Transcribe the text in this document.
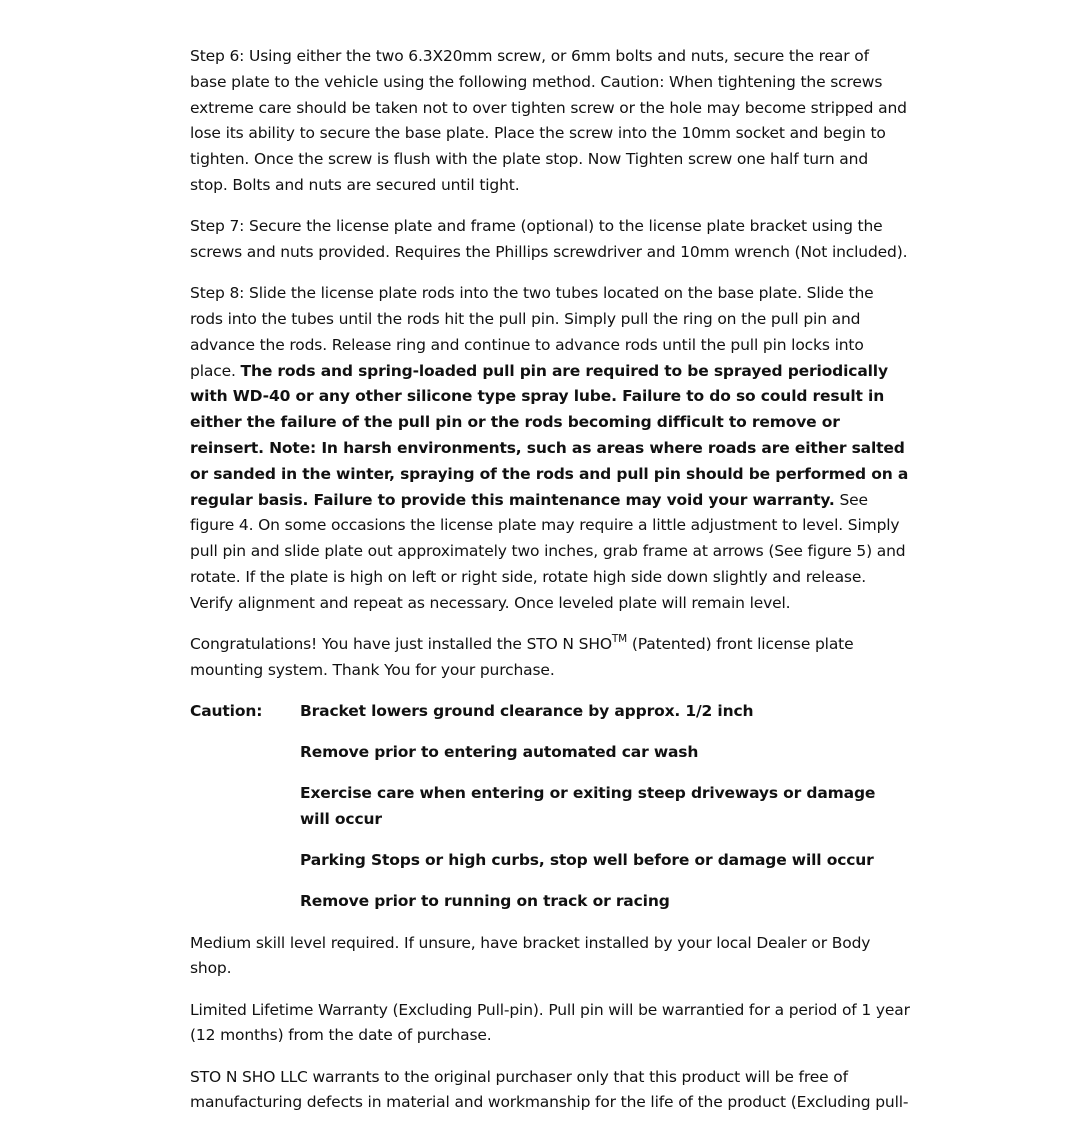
Step 6: Using either the two 6.3X20mm screw, or 6mm bolts and nuts, secure the rear of base plate to the vehicle using the following method. Caution: When tightening the screws extreme care should be taken not to over tighten screw or the hole may become stripped and lose its ability to secure the base plate. Place the screw into the 10mm socket and begin to tighten. Once the screw is flush with the plate stop. Now Tighten screw one half turn and stop. Bolts and nuts are secured until tight.

Step 7: Secure the license plate and frame (optional) to the license plate bracket using the screws and nuts provided. Requires the Phillips screwdriver and 10mm wrench (Not included).

Step 8: Slide the license plate rods into the two tubes located on the base plate. Slide the rods into the tubes until the rods hit the pull pin. Simply pull the ring on the pull pin and advance the rods. Release ring and continue to advance rods until the pull pin locks into place. The rods and spring-loaded pull pin are required to be sprayed periodically with WD-40 or any other silicone type spray lube. Failure to do so could result in either the failure of the pull pin or the rods becoming difficult to remove or reinsert. Note: In harsh environments, such as areas where roads are either salted or sanded in the winter, spraying of the rods and pull pin should be performed on a regular basis. Failure to provide this maintenance may void your warranty. See figure 4. On some occasions the license plate may require a little adjustment to level. Simply pull pin and slide plate out approximately two inches, grab frame at arrows (See figure 5) and rotate. If the plate is high on left or right side, rotate high side down slightly and release. Verify alignment and repeat as necessary. Once leveled plate will remain level.

Congratulations! You have just installed the STO N SHO™ (Patented) front license plate mounting system. Thank You for your purchase.

Caution:	Bracket lowers ground clearance by approx. 1/2 inch
Remove prior to entering automated car wash
Exercise care when entering or exiting steep driveways or damage will occur
Parking Stops or high curbs, stop well before or damage will occur
Remove prior to running on track or racing

Medium skill level required. If unsure, have bracket installed by your local Dealer or Body shop.

Limited Lifetime Warranty (Excluding Pull-pin). Pull pin will be warrantied for a period of 1 year (12 months) from the date of purchase.

STO N SHO LLC warrants to the original purchaser only that this product will be free of manufacturing defects in material and workmanship for the life of the product (Excluding pull-
